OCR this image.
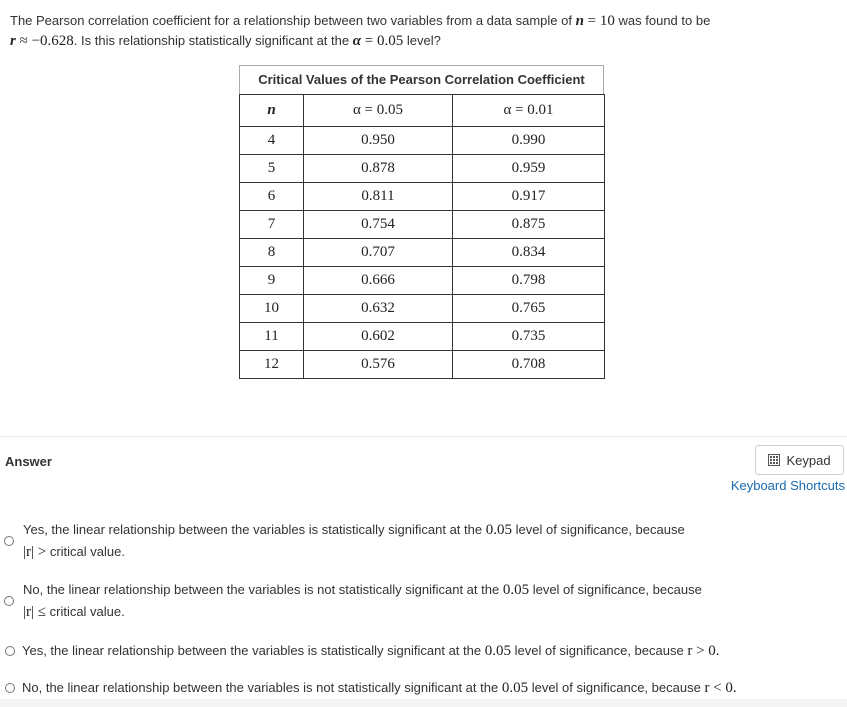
The Pearson correlation coefficient for a relationship between two variables from a data sample of n = 10 was found to be
r ≈ −0.628. Is this relationship statistically significant at the α = 0.05 level?
Critical Values of the Pearson Correlation Coefficient
n	α = 0.05	α = 0.01
4	0.950	0.990
5	0.878	0.959
6	0.811	0.917
7	0.754	0.875
8	0.707	0.834
9	0.666	0.798
10	0.632	0.765
11	0.602	0.735
12	0.576	0.708
Answer	Keypad
Keyboard Shortcuts
Yes, the linear relationship between the variables is statistically significant at the 0.05 level of significance, because
|r| > critical value.
No, the linear relationship between the variables is not statistically significant at the 0.05 level of significance, because
|r| ≤ critical value.
Yes, the linear relationship between the variables is statistically significant at the 0.05 level of significance, because r > 0.
No, the linear relationship between the variables is not statistically significant at the 0.05 level of significance, because r < 0.
